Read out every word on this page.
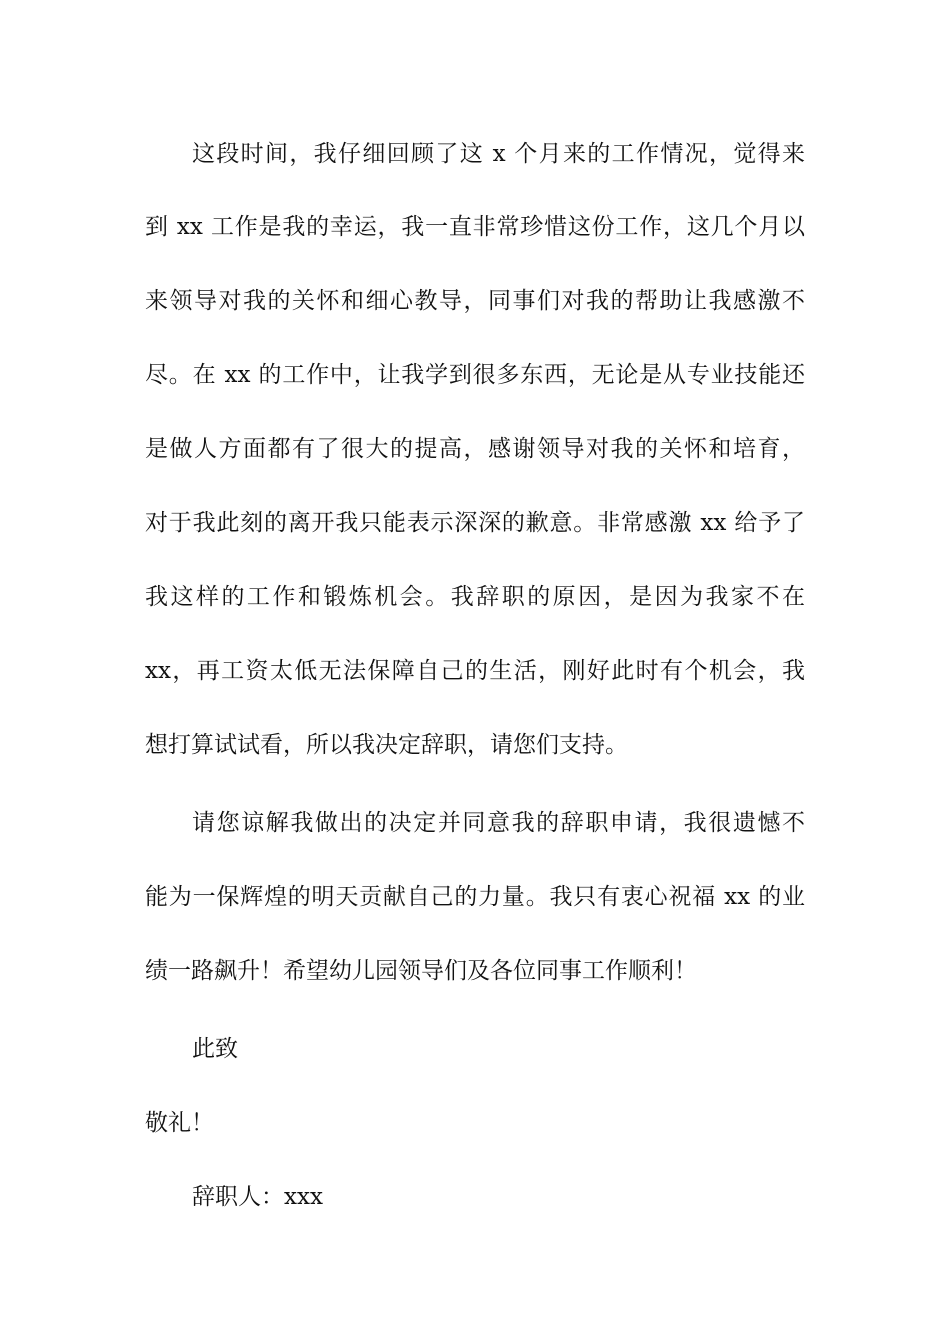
这段时间，我仔细回顾了这 x 个月来的工作情况，觉得来
到 xx 工作是我的幸运，我一直非常珍惜这份工作，这几个月以
来领导对我的关怀和细心教导，同事们对我的帮助让我感激不
尽。在 xx 的工作中，让我学到很多东西，无论是从专业技能还
是做人方面都有了很大的提高，感谢领导对我的关怀和培育，
对于我此刻的离开我只能表示深深的歉意。非常感激 xx 给予了
我这样的工作和锻炼机会。我辞职的原因，是因为我家不在
xx，再工资太低无法保障自己的生活，刚好此时有个机会，我
想打算试试看，所以我决定辞职，请您们支持。
请您谅解我做出的决定并同意我的辞职申请，我很遗憾不
能为一保辉煌的明天贡献自己的力量。我只有衷心祝福 xx 的业
绩一路飙升！希望幼儿园领导们及各位同事工作顺利！
此致
敬礼！
辞职人：xxx
